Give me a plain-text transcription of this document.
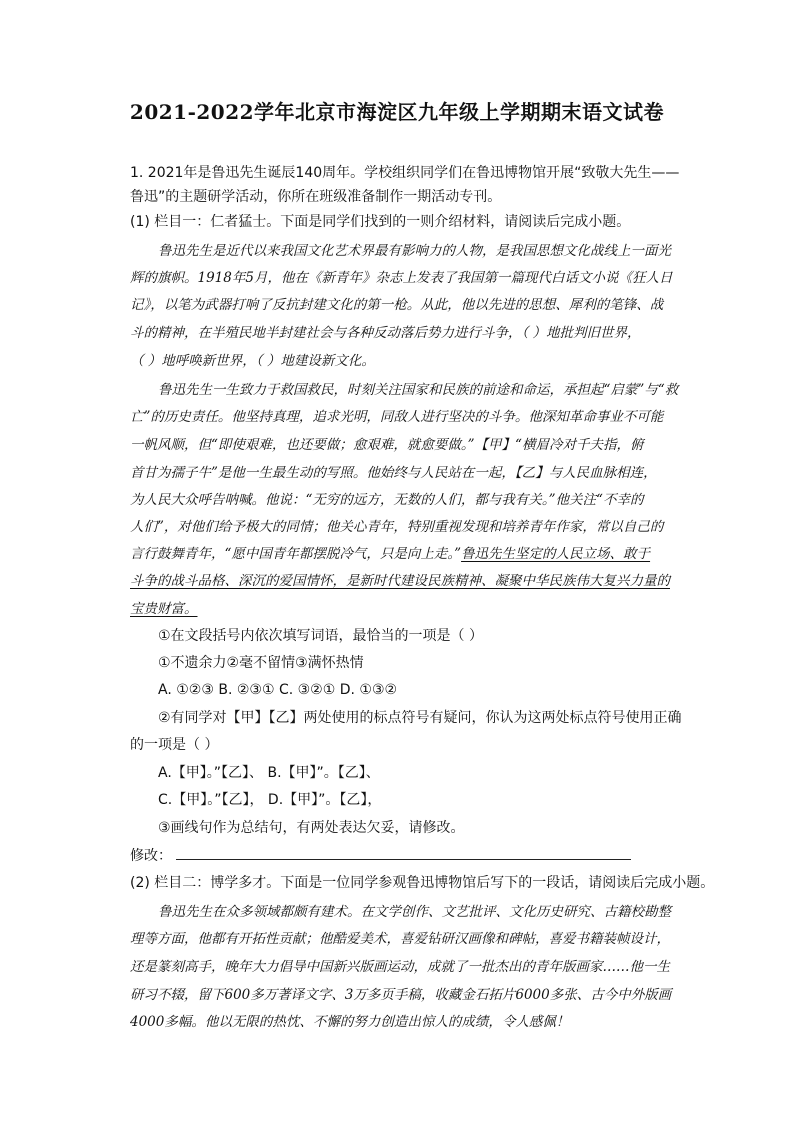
2021-2022学年北京市海淀区九年级上学期期末语文试卷
1. 2021年是鲁迅先生诞辰140周年。学校组织同学们在鲁迅博物馆开展“致敬大先生——
鲁迅”的主题研学活动，你所在班级准备制作一期活动专刊。
(1) 栏目一：仁者猛士。下面是同学们找到的一则介绍材料，请阅读后完成小题。
鲁迅先生是近代以来我国文化艺术界最有影响力的人物，是我国思想文化战线上一面光
辉的旗帜。1918年5月，他在《新青年》杂志上发表了我国第一篇现代白话文小说《狂人日
记》，以笔为武器打响了反抗封建文化的第一枪。从此，他以先进的思想、犀利的笔锋、战
斗的精神，在半殖民地半封建社会与各种反动落后势力进行斗争，（ ）地批判旧世界，
（ ）地呼唤新世界，（ ）地建设新文化。
鲁迅先生一生致力于救国救民，时刻关注国家和民族的前途和命运，承担起“启蒙”与“救
亡”的历史责任。他坚持真理，追求光明，同敌人进行坚决的斗争。他深知革命事业不可能
一帆风顺，但“即使艰难，也还要做；愈艰难，就愈要做。”【甲】“横眉冷对千夫指，俯
首甘为孺子牛”是他一生最生动的写照。他始终与人民站在一起，【乙】与人民血脉相连，
为人民大众呼告呐喊。他说：“无穷的远方，无数的人们，都与我有关。”他关注“不幸的
人们”，对他们给予极大的同情；他关心青年，特别重视发现和培养青年作家，常以自己的
言行鼓舞青年，“愿中国青年都摆脱冷气，只是向上走。”鲁迅先生坚定的人民立场、敢于
斗争的战斗品格、深沉的爱国情怀，是新时代建设民族精神、凝聚中华民族伟大复兴力量的
宝贵财富。
①在文段括号内依次填写词语，最恰当的一项是（ ）
①不遗余力②毫不留情③满怀热情
A. ①②③ B. ②③① C. ③②① D. ①③②
②有同学对【甲】【乙】两处使用的标点符号有疑问，你认为这两处标点符号使用正确
的一项是（ ）
A.【甲】。”【乙】、 B.【甲】”。【乙】、
C.【甲】。”【乙】， D.【甲】”。【乙】，
③画线句作为总结句，有两处表达欠妥，请修改。
修改：
(2) 栏目二：博学多才。下面是一位同学参观鲁迅博物馆后写下的一段话，请阅读后完成小题。
鲁迅先生在众多领域都颇有建术。在文学创作、文艺批评、文化历史研究、古籍校勘整
理等方面，他都有开拓性贡献；他酷爱美术，喜爱钻研汉画像和碑帖，喜爱书籍装帧设计，
还是篆刻高手，晚年大力倡导中国新兴版画运动，成就了一批杰出的青年版画家……他一生
研习不辍，留下600多万著译文字、3万多页手稿，收藏金石拓片6000多张、古今中外版画
4000多幅。他以无限的热忱、不懈的努力创造出惊人的成绩，令人感佩！
